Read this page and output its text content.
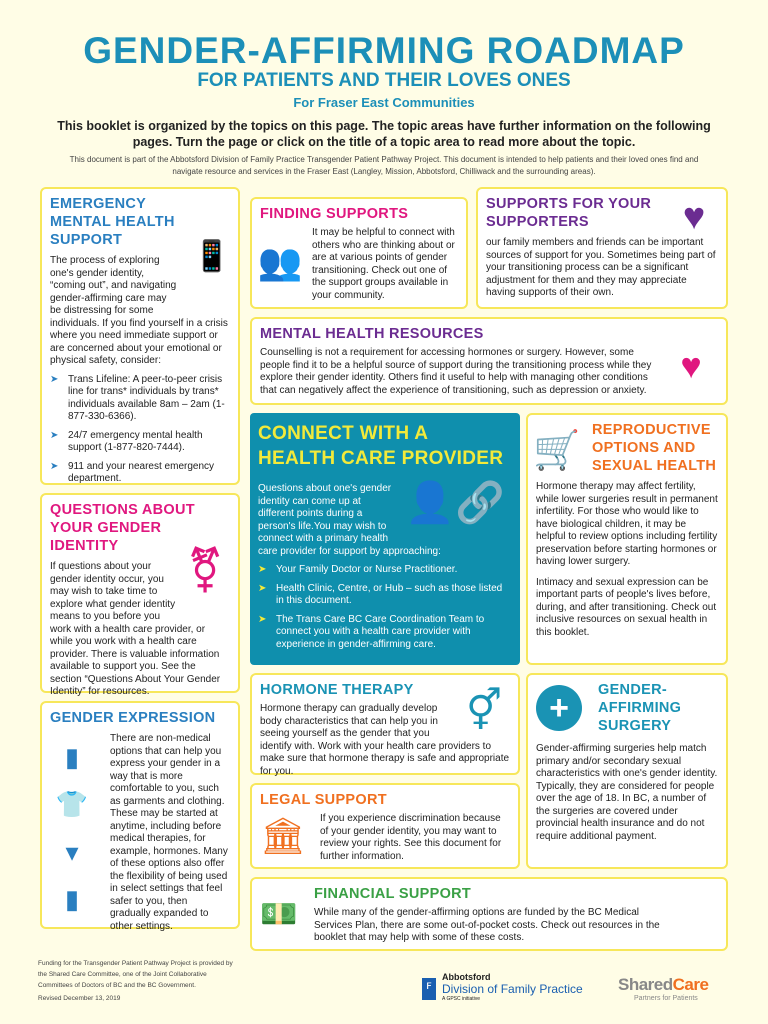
GENDER-AFFIRMING ROADMAP
FOR PATIENTS AND THEIR LOVES ONES
For Fraser East Communities
This booklet is organized by the topics on this page. The topic areas have further information on the following pages. Turn the page or click on the title of a topic area to read more about the topic.
This document is part of the Abbotsford Division of Family Practice Transgender Patient Pathway Project. This document is intended to help patients and their loved ones find and navigate resource and services in the Fraser East (Langley, Mission, Abbotsford, Chilliwack and the surrounding areas).
EMERGENCY MENTAL HEALTH SUPPORT	📱

The process of exploring one's gender identity, “coming out”, and navigating gender-affirming care may be distressing for some individuals. If you find yourself in a crisis where you need immediate support or are concerned about your emotional or physical safety, consider:

➤ Trans Lifeline: A peer-to-peer crisis line for trans* individuals by trans* individuals available 8am – 2am (1-877-330-6366).
➤ 24/7 emergency mental health support (1-877-820-7444).
➤ 911 and your nearest emergency department.
FINDING SUPPORTS
👥

It may be helpful to connect with others who are thinking about or are at various points of gender transitioning. Check out one of the support groups available in your community.

SUPPORTS FOR YOUR SUPPORTERS	♥

our family members and friends can be important sources of support for you. Sometimes being part of your transitioning process can be a significant adjustment for them and they may appreciate having supports of their own.

MENTAL HEALTH RESOURCES

Counselling is not a requirement for accessing hormones or surgery. However, some people find it to be a helpful source of support during the transitioning process while they explore their gender identity. Others find it useful to help with managing other conditions that can negatively affect the experience of transitioning, such as depression or anxiety.

♥
CONNECT WITH A HEALTH CARE PROVIDER
👤🔗

Questions about one's gender identity can come up at different points during a person's life.You may wish to connect with a primary health care provider for support by approaching:

➤ Your Family Doctor or Nurse Practitioner.
➤ Health Clinic, Centre, or Hub – such as those listed in this document.
➤ The Trans Care BC Care Coordination Team to connect you with a health care provider with experience in gender-affirming care.
🛒 REPRODUCTIVE OPTIONS AND SEXUAL HEALTH

Hormone therapy may affect fertility, while lower surgeries result in permanent infertility. For those who would like to have biological children, it may be helpful to review options including fertility preservation before starting hormones or having lower surgery.

Intimacy and sexual expression can be important parts of people's lives before, during, and after transitioning. Check out inclusive resources on sexual health in this booklet.

QUESTIONS ABOUT YOUR GENDER IDENTITY	⚧

If questions about your gender identity occur, you may wish to take time to explore what gender identity means to you before you work with a health care provider, or while you work with a health care provider. There is valuable information available to support you. See the section “Questions About Your Gender Identity” for resources.

GENDER EXPRESSION
▮
👕
▾
▮

There are non-medical options that can help you express your gender in a way that is more comfortable to you, such as garments and clothing. These may be started at anytime, including before medical therapies, for example, hormones. Many of these options also offer the flexibility of being used in select settings that feel safer to you, then gradually expanded to other settings.

HORMONE THERAPY	⚥

Hormone therapy can gradually develop body characteristics that can help you in seeing yourself as the gender that you identify with. Work with your health care providers to make sure that hormone therapy is safe and appropriate for you.

+	GENDER-AFFIRMING SURGERY

Gender-affirming surgeries help match primary and/or secondary sexual characteristics with one's gender identity. Typically, they are considered for people over the age of 18. In BC, a number of the surgeries are covered under provincial health insurance and do not require additional payment.

LEGAL SUPPORT
🏛 If you experience discrimination because of your gender identity, you may want to review your rights. See this document for further information.

FINANCIAL SUPPORT
💵 While many of the gender-affirming options are funded by the BC Medical Services Plan, there are some out-of-pocket costs. Check out resources in the booklet that may help with some of these costs.

Funding for the Transgender Patient Pathway Project is provided by the Shared Care Committee, one of the Joint Collaborative Committees of Doctors of BC and the BC Government.
Revised December 13, 2019
ꜰ
Abbotsford
Division of Family Practice
A GPSC initiative
SharedCare
Partners for Patients
